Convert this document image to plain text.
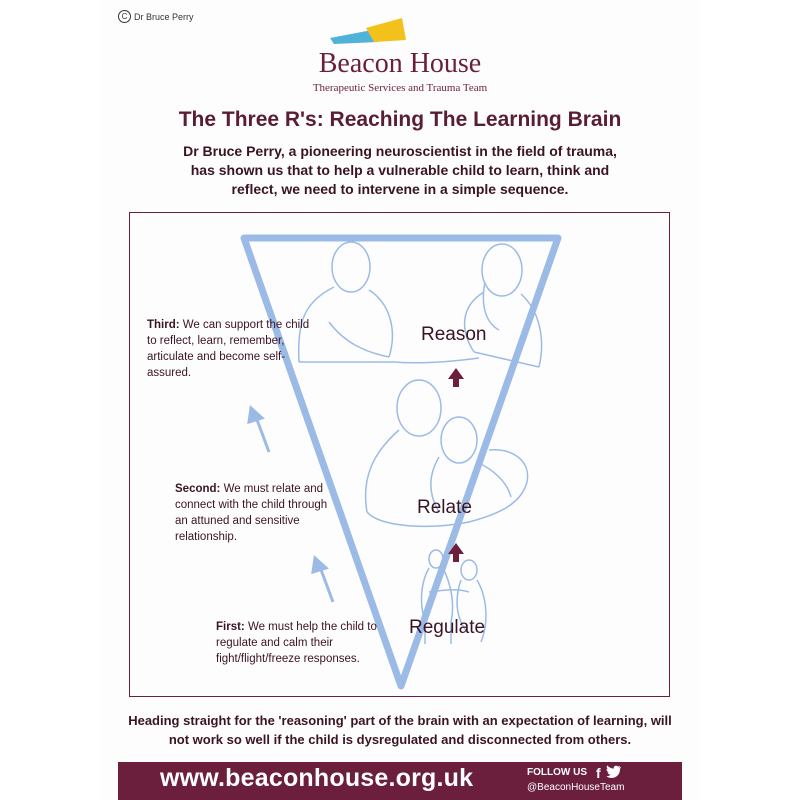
C Dr Bruce Perry
Beacon House
Therapeutic Services and Trauma Team
The Three R's: Reaching The Learning Brain
Dr Bruce Perry, a pioneering neuroscientist in the field of trauma, has shown us that to help a vulnerable child to learn, think and reflect, we need to intervene in a simple sequence.
Third: We can support the child to reflect, learn, remember, articulate and become self-assured.
Second: We must relate and connect with the child through an attuned and sensitive relationship.
First: We must help the child to regulate and calm their fight/flight/freeze responses.
Reason
Relate
Regulate
Heading straight for the 'reasoning' part of the brain with an expectation of learning, will not work so well if the child is dysregulated and disconnected from others.
www.beaconhouse.org.uk	FOLLOW US
@BeaconHouseTeam
f
